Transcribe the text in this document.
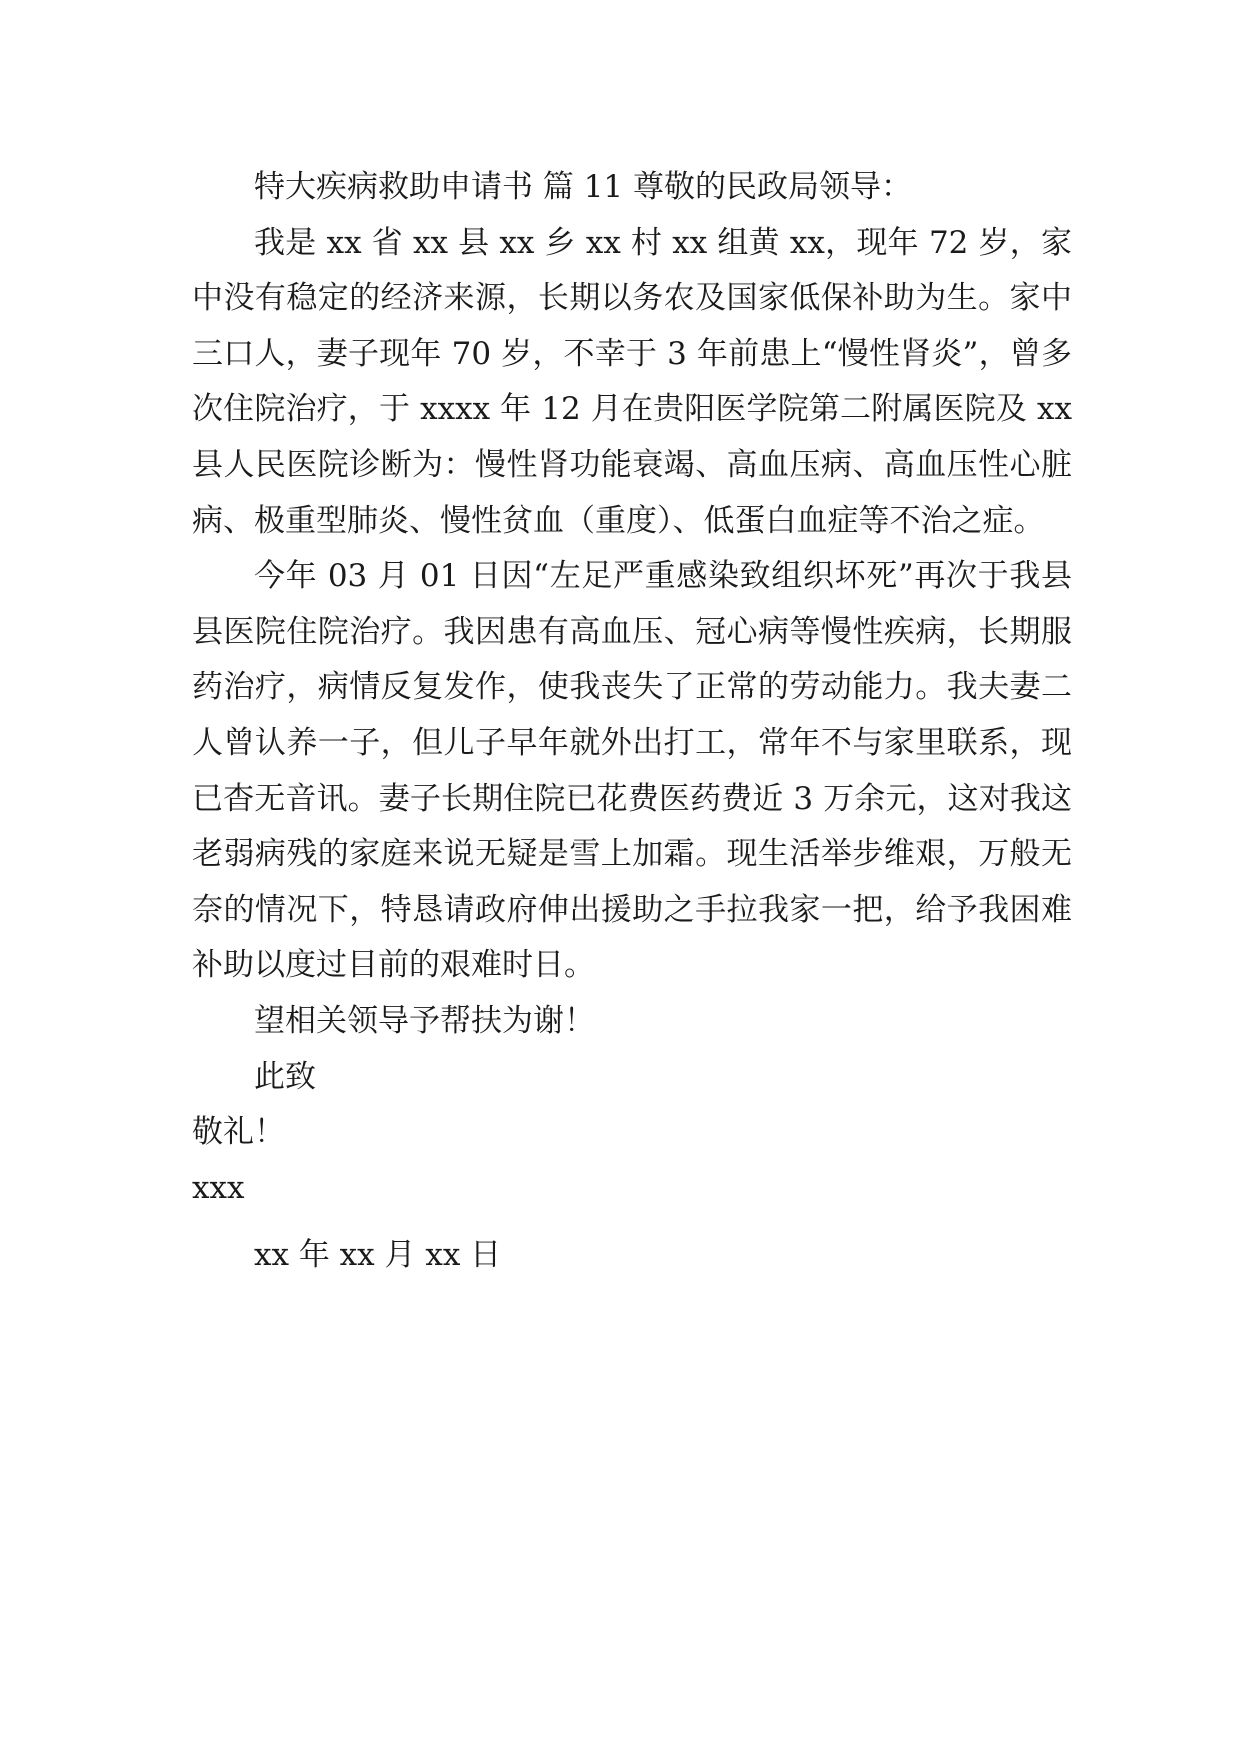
特大疾病救助申请书 篇 11 尊敬的民政局领导：

我是 xx 省 xx 县 xx 乡 xx 村 xx 组黄 xx，现年 72 岁，家中没有稳定的经济来源，长期以务农及国家低保补助为生。家中三口人，妻子现年 70 岁，不幸于 3 年前患上“慢性肾炎”，曾多次住院治疗，于 xxxx 年 12 月在贵阳医学院第二附属医院及 xx 县人民医院诊断为：慢性肾功能衰竭、高血压病、高血压性心脏病、极重型肺炎、慢性贫血（重度）、低蛋白血症等不治之症。

今年 03 月 01 日因“左足严重感染致组织坏死”再次于我县县医院住院治疗。我因患有高血压、冠心病等慢性疾病，长期服药治疗，病情反复发作，使我丧失了正常的劳动能力。我夫妻二人曾认养一子，但儿子早年就外出打工，常年不与家里联系，现已杳无音讯。妻子长期住院已花费医药费近 3 万余元，这对我这老弱病残的家庭来说无疑是雪上加霜。现生活举步维艰，万般无奈的情况下，特恳请政府伸出援助之手拉我家一把，给予我困难补助以度过目前的艰难时日。

望相关领导予帮扶为谢！

此致

敬礼！

xxx

xx 年 xx 月 xx 日
